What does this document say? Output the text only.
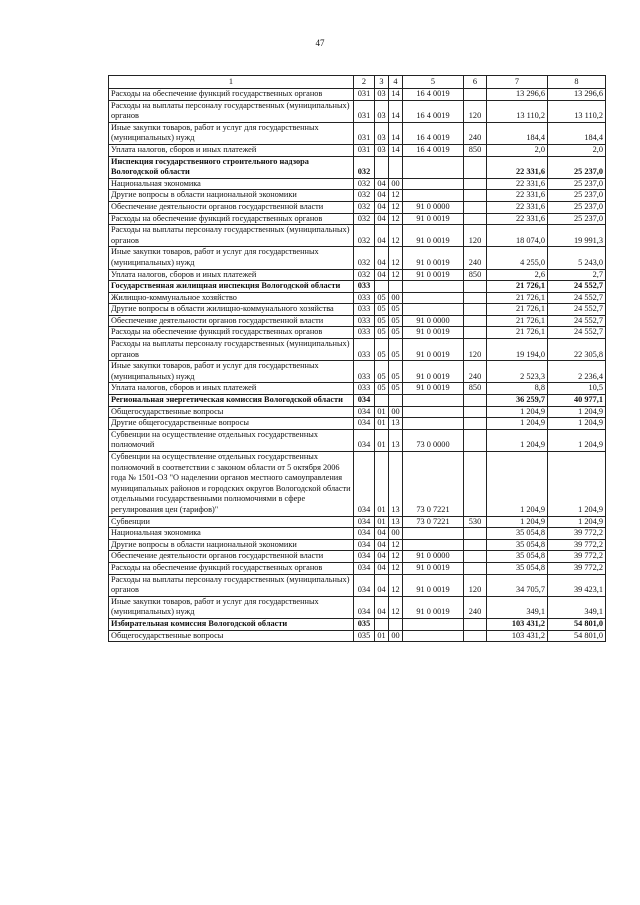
47
1	2	3	4	5	6	7	8
Расходы на обеспечение функций государственных органов	031	03	14	16 4 0019		13 296,6	13 296,6
Расходы на выплаты персоналу государственных (муниципальных) органов	031	03	14	16 4 0019	120	13 110,2	13 110,2
Иные закупки товаров, работ и услуг для государственных (муниципальных) нужд	031	03	14	16 4 0019	240	184,4	184,4
Уплата налогов, сборов и иных платежей	031	03	14	16 4 0019	850	2,0	2,0
Инспекция государственного строительного надзора Вологодской области	032					22 331,6	25 237,0
Национальная экономика	032	04	00			22 331,6	25 237,0
Другие вопросы в области национальной экономики	032	04	12			22 331,6	25 237,0
Обеспечение деятельности органов государственной власти	032	04	12	91 0 0000		22 331,6	25 237,0
Расходы на обеспечение функций государственных органов	032	04	12	91 0 0019		22 331,6	25 237,0
Расходы на выплаты персоналу государственных (муниципальных) органов	032	04	12	91 0 0019	120	18 074,0	19 991,3
Иные закупки товаров, работ и услуг для государственных (муниципальных) нужд	032	04	12	91 0 0019	240	4 255,0	5 243,0
Уплата налогов, сборов и иных платежей	032	04	12	91 0 0019	850	2,6	2,7
Государственная жилищная инспекция Вологодской области	033					21 726,1	24 552,7
Жилищно-коммунальное хозяйство	033	05	00			21 726,1	24 552,7
Другие вопросы в области жилищно-коммунального хозяйства	033	05	05			21 726,1	24 552,7
Обеспечение деятельности органов государственной власти	033	05	05	91 0 0000		21 726,1	24 552,7
Расходы на обеспечение функций государственных органов	033	05	05	91 0 0019		21 726,1	24 552,7
Расходы на выплаты персоналу государственных (муниципальных) органов	033	05	05	91 0 0019	120	19 194,0	22 305,8
Иные закупки товаров, работ и услуг для государственных (муниципальных) нужд	033	05	05	91 0 0019	240	2 523,3	2 236,4
Уплата налогов, сборов и иных платежей	033	05	05	91 0 0019	850	8,8	10,5
Региональная энергетическая комиссия Вологодской области	034					36 259,7	40 977,1
Общегосударственные вопросы	034	01	00			1 204,9	1 204,9
Другие общегосударственные вопросы	034	01	13			1 204,9	1 204,9
Субвенции на осуществление отдельных государственных полномочий	034	01	13	73 0 0000		1 204,9	1 204,9
Субвенции на осуществление отдельных государственных полномочий в соответствии с законом области от 5 октября 2006 года № 1501-ОЗ "О наделении органов местного самоуправления муниципальных районов и городских округов Вологодской области отдельными государственными полномочиями в сфере регулирования цен (тарифов)"	034	01	13	73 0 7221		1 204,9	1 204,9
Субвенции	034	01	13	73 0 7221	530	1 204,9	1 204,9
Национальная экономика	034	04	00			35 054,8	39 772,2
Другие вопросы в области национальной экономики	034	04	12			35 054,8	39 772,2
Обеспечение деятельности органов государственной власти	034	04	12	91 0 0000		35 054,8	39 772,2
Расходы на обеспечение функций государственных органов	034	04	12	91 0 0019		35 054,8	39 772,2
Расходы на выплаты персоналу государственных (муниципальных) органов	034	04	12	91 0 0019	120	34 705,7	39 423,1
Иные закупки товаров, работ и услуг для государственных (муниципальных) нужд	034	04	12	91 0 0019	240	349,1	349,1
Избирательная комиссия Вологодской области	035					103 431,2	54 801,0
Общегосударственные вопросы	035	01	00			103 431,2	54 801,0
